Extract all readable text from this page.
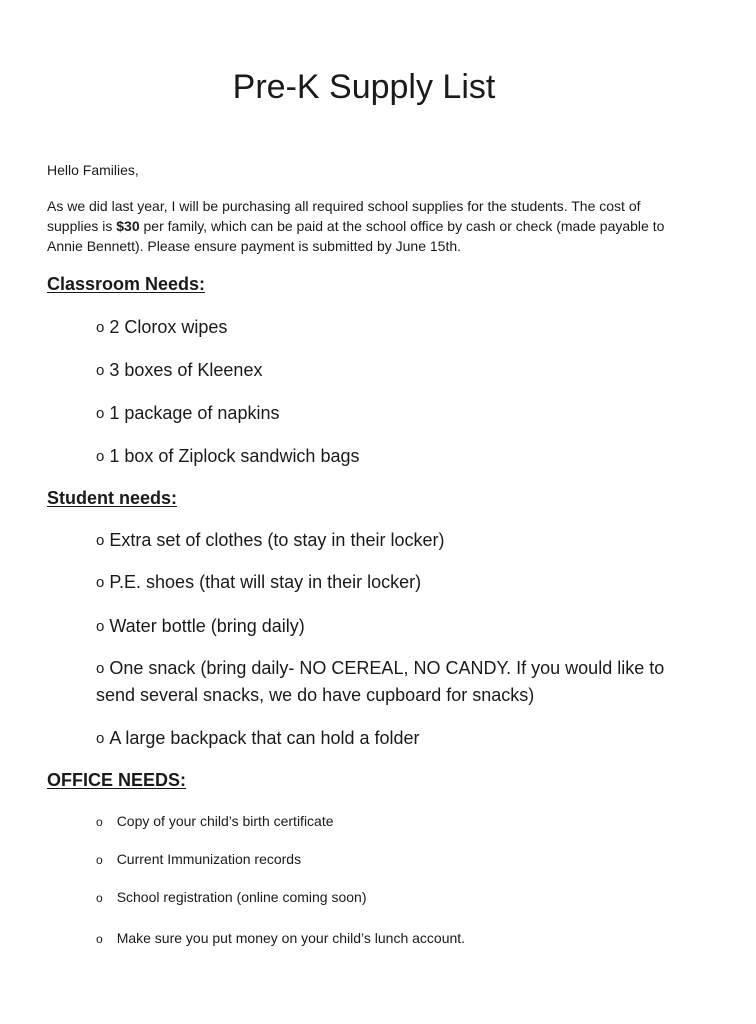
Pre-K Supply List

Hello Families,

As we did last year, I will be purchasing all required school supplies for the students. The cost of supplies is $30 per family, which can be paid at the school office by cash or check (made payable to Annie Bennett). Please ensure payment is submitted by June 15th.

Classroom Needs:
o 2 Clorox wipes
o 3 boxes of Kleenex
o 1 package of napkins
o 1 box of Ziplock sandwich bags
Student needs:
o Extra set of clothes (to stay in their locker)
o P.E. shoes (that will stay in their locker)
o Water bottle (bring daily)
o One snack (bring daily- NO CEREAL, NO CANDY. If you would like to send several snacks, we do have cupboard for snacks)
o A large backpack that can hold a folder
OFFICE NEEDS:
o Copy of your child’s birth certificate
o Current Immunization records
o School registration (online coming soon)
o Make sure you put money on your child’s lunch account.
